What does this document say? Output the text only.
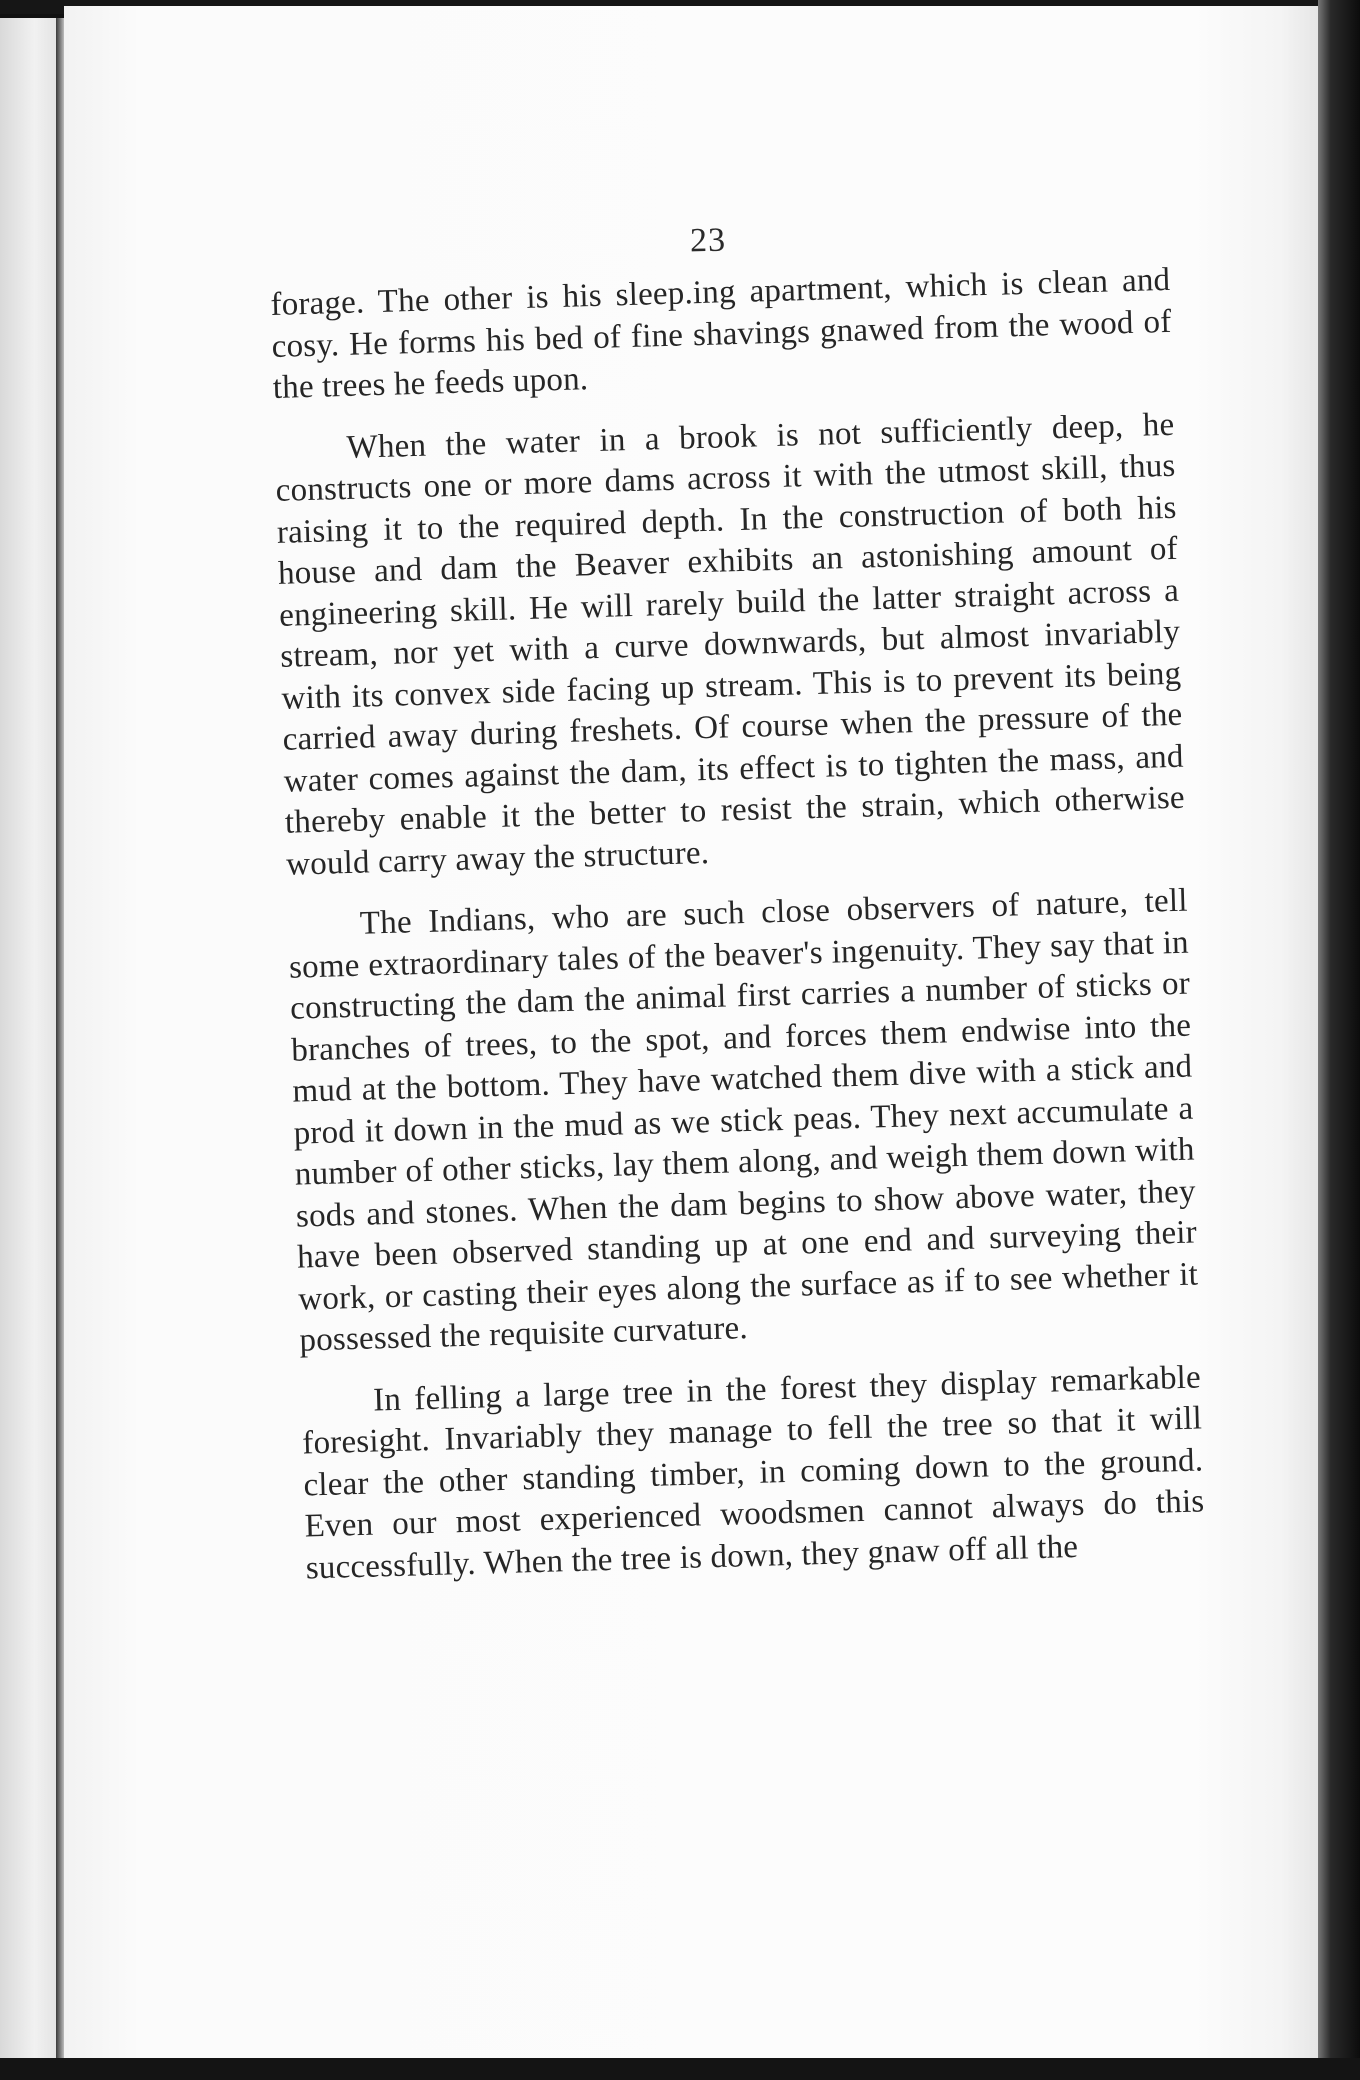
23

forage. The other is his sleep.ing apartment, which is clean and cosy. He forms his bed of fine shavings gnawed from the wood of the trees he feeds upon.

When the water in a brook is not sufficiently deep, he constructs one or more dams across it with the utmost skill, thus raising it to the required depth. In the construction of both his house and dam the Beaver exhibits an astonishing amount of engineering skill. He will rarely build the latter straight across a stream, nor yet with a curve downwards, but almost invariably with its convex side facing up stream. This is to prevent its being carried away during freshets. Of course when the pressure of the water comes against the dam, its effect is to tighten the mass, and thereby enable it the better to resist the strain, which otherwise would carry away the structure.

The Indians, who are such close observers of nature, tell some extraordinary tales of the beaver's ingenuity. They say that in constructing the dam the animal first carries a number of sticks or branches of trees, to the spot, and forces them endwise into the mud at the bottom. They have watched them dive with a stick and prod it down in the mud as we stick peas. They next accumulate a number of other sticks, lay them along, and weigh them down with sods and stones. When the dam begins to show above water, they have been observed standing up at one end and surveying their work, or casting their eyes along the surface as if to see whether it possessed the requisite curvature.

In felling a large tree in the forest they display remarkable foresight. Invariably they manage to fell the tree so that it will clear the other standing timber, in coming down to the ground. Even our most experienced woodsmen cannot always do this successfully. When the tree is down, they gnaw off all the
